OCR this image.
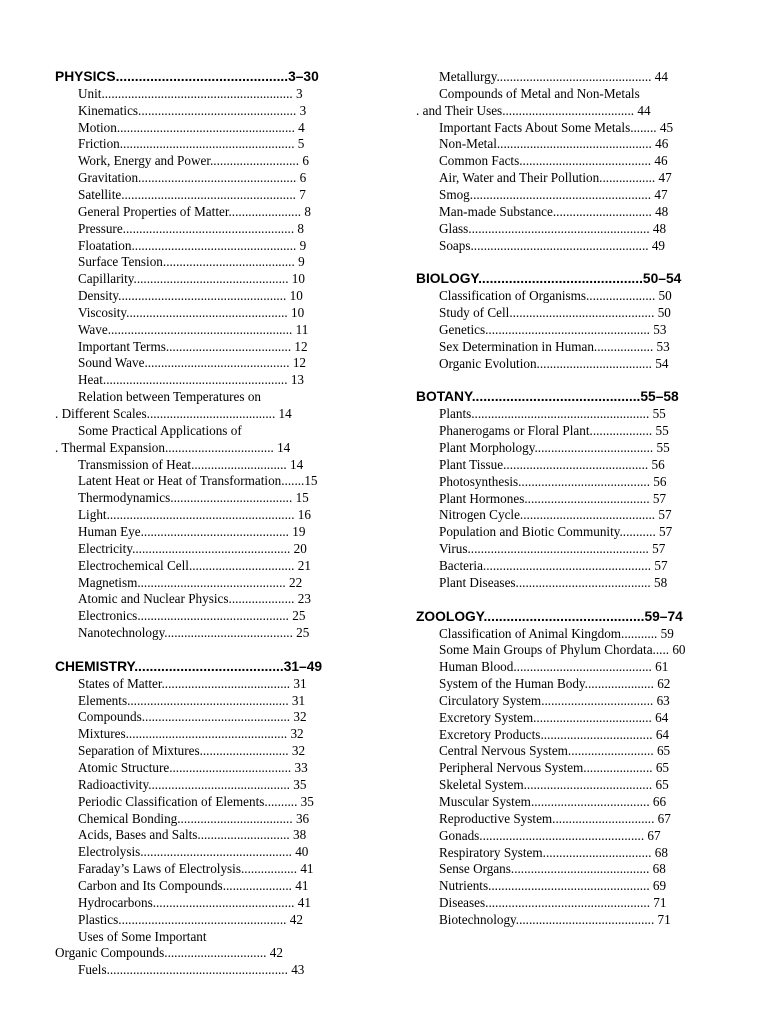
PHYSICS.............................................3–30
Unit.......................................................... 3
Kinematics................................................ 3
Motion...................................................... 4
Friction..................................................... 5
Work, Energy and Power........................... 6
Gravitation................................................ 6
Satellite..................................................... 7
General Properties of Matter...................... 8
Pressure.................................................... 8
Floatation.................................................. 9
Surface Tension........................................ 9
Capillarity............................................... 10
Density................................................... 10
Viscosity................................................. 10
Wave........................................................ 11
Important Terms...................................... 12
Sound Wave............................................ 12
Heat........................................................ 13
Relation between Temperatures on
. Different Scales....................................... 14
Some Practical Applications of
. Thermal Expansion................................. 14
Transmission of Heat............................. 14
Latent Heat or Heat of Transformation.......15
Thermodynamics..................................... 15
Light......................................................... 16
Human Eye............................................. 19
Electricity................................................ 20
Electrochemical Cell................................ 21
Magnetism............................................. 22
Atomic and Nuclear Physics.................... 23
Electronics.............................................. 25
Nanotechnology....................................... 25
CHEMISTRY.......................................31–49
States of Matter....................................... 31
Elements................................................. 31
Compounds............................................. 32
Mixtures................................................. 32
Separation of Mixtures........................... 32
Atomic Structure..................................... 33
Radioactivity........................................... 35
Periodic Classification of Elements.......... 35
Chemical Bonding................................... 36
Acids, Bases and Salts............................ 38
Electrolysis.............................................. 40
Faraday’s Laws of Electrolysis................. 41
Carbon and Its Compounds..................... 41
Hydrocarbons........................................... 41
Plastics................................................... 42
Uses of Some Important
Organic Compounds............................... 42
Fuels....................................................... 43
Metallurgy............................................... 44
Compounds of Metal and Non-Metals
. and Their Uses........................................ 44
Important Facts About Some Metals........ 45
Non-Metal............................................... 46
Common Facts........................................ 46
Air, Water and Their Pollution................. 47
Smog....................................................... 47
Man-made Substance.............................. 48
Glass....................................................... 48
Soaps...................................................... 49
BIOLOGY...........................................50–54
Classification of Organisms..................... 50
Study of Cell............................................ 50
Genetics.................................................. 53
Sex Determination in Human.................. 53
Organic Evolution................................... 54
BOTANY............................................55–58
Plants...................................................... 55
Phanerogams or Floral Plant................... 55
Plant Morphology.................................... 55
Plant Tissue............................................ 56
Photosynthesis........................................ 56
Plant Hormones...................................... 57
Nitrogen Cycle......................................... 57
Population and Biotic Community........... 57
Virus....................................................... 57
Bacteria................................................... 57
Plant Diseases......................................... 58
ZOOLOGY..........................................59–74
Classification of Animal Kingdom........... 59
Some Main Groups of Phylum Chordata..... 60
Human Blood.......................................... 61
System of the Human Body..................... 62
Circulatory System.................................. 63
Excretory System.................................... 64
Excretory Products.................................. 64
Central Nervous System.......................... 65
Peripheral Nervous System..................... 65
Skeletal System....................................... 65
Muscular System.................................... 66
Reproductive System............................... 67
Gonads.................................................. 67
Respiratory System................................. 68
Sense Organs.......................................... 68
Nutrients................................................. 69
Diseases.................................................. 71
Biotechnology.......................................... 71
